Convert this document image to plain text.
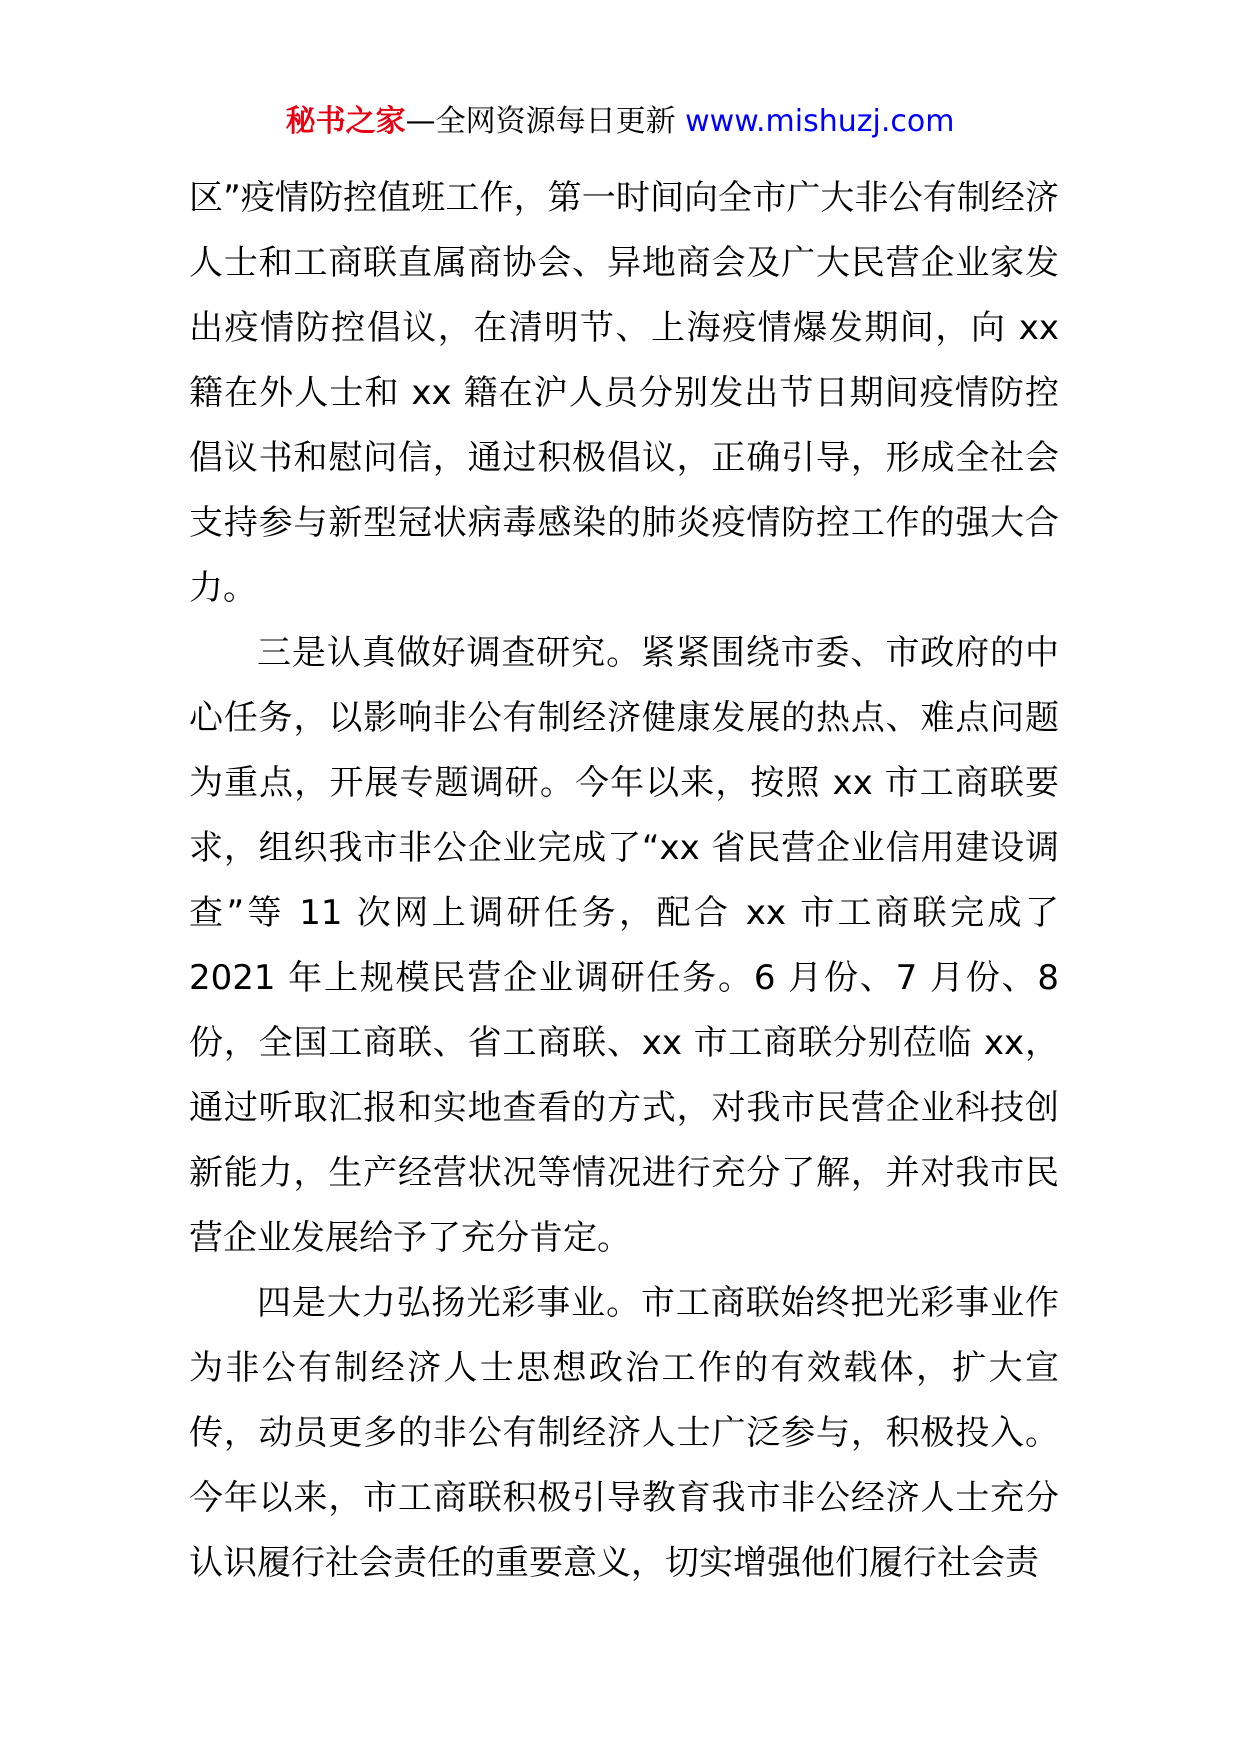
秘书之家—全网资源每日更新 www.mishuzj.com

区”疫情防控值班工作，第一时间向全市广大非公有制经济人士和工商联直属商协会、异地商会及广大民营企业家发出疫情防控倡议，在清明节、上海疫情爆发期间，向 xx 籍在外人士和 xx 籍在沪人员分别发出节日期间疫情防控倡议书和慰问信，通过积极倡议，正确引导，形成全社会支持参与新型冠状病毒感染的肺炎疫情防控工作的强大合力。

三是认真做好调查研究。紧紧围绕市委、市政府的中心任务，以影响非公有制经济健康发展的热点、难点问题为重点，开展专题调研。今年以来，按照 xx 市工商联要求，组织我市非公企业完成了“xx 省民营企业信用建设调查”等 11 次网上调研任务，配合 xx 市工商联完成了 2021 年上规模民营企业调研任务。6 月份、7 月份、8 份，全国工商联、省工商联、xx 市工商联分别莅临 xx，通过听取汇报和实地查看的方式，对我市民营企业科技创新能力，生产经营状况等情况进行充分了解，并对我市民营企业发展给予了充分肯定。

四是大力弘扬光彩事业。市工商联始终把光彩事业作为非公有制经济人士思想政治工作的有效载体，扩大宣传，动员更多的非公有制经济人士广泛参与，积极投入。今年以来，市工商联积极引导教育我市非公经济人士充分认识履行社会责任的重要意义，切实增强他们履行社会责
